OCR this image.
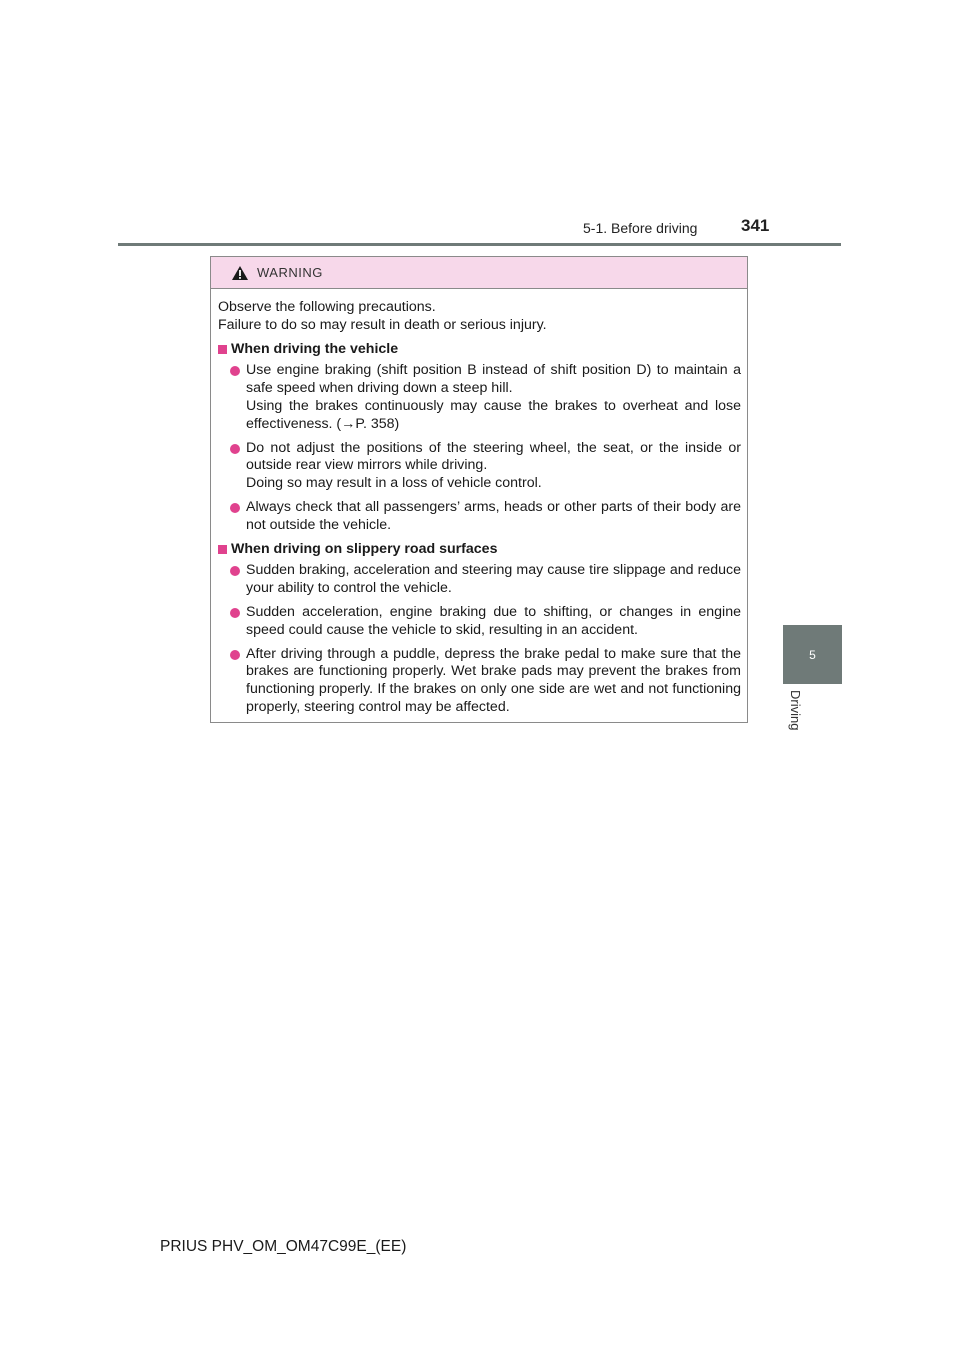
5-1. Before driving	341
5
Driving
WARNING
Observe the following precautions.
Failure to do so may result in death or serious injury.
When driving the vehicle
Use engine braking (shift position B instead of shift position D) to maintain a safe speed when driving down a steep hill.
Using the brakes continuously may cause the brakes to overheat and lose effectiveness. (→P. 358)
Do not adjust the positions of the steering wheel, the seat, or the inside or outside rear view mirrors while driving.
Doing so may result in a loss of vehicle control.
Always check that all passengers’ arms, heads or other parts of their body are not outside the vehicle.
When driving on slippery road surfaces
Sudden braking, acceleration and steering may cause tire slippage and reduce your ability to control the vehicle.
Sudden acceleration, engine braking due to shifting, or changes in engine speed could cause the vehicle to skid, resulting in an accident.
After driving through a puddle, depress the brake pedal to make sure that the brakes are functioning properly. Wet brake pads may prevent the brakes from functioning properly. If the brakes on only one side are wet and not functioning properly, steering control may be affected.
PRIUS PHV_OM_OM47C99E_(EE)
